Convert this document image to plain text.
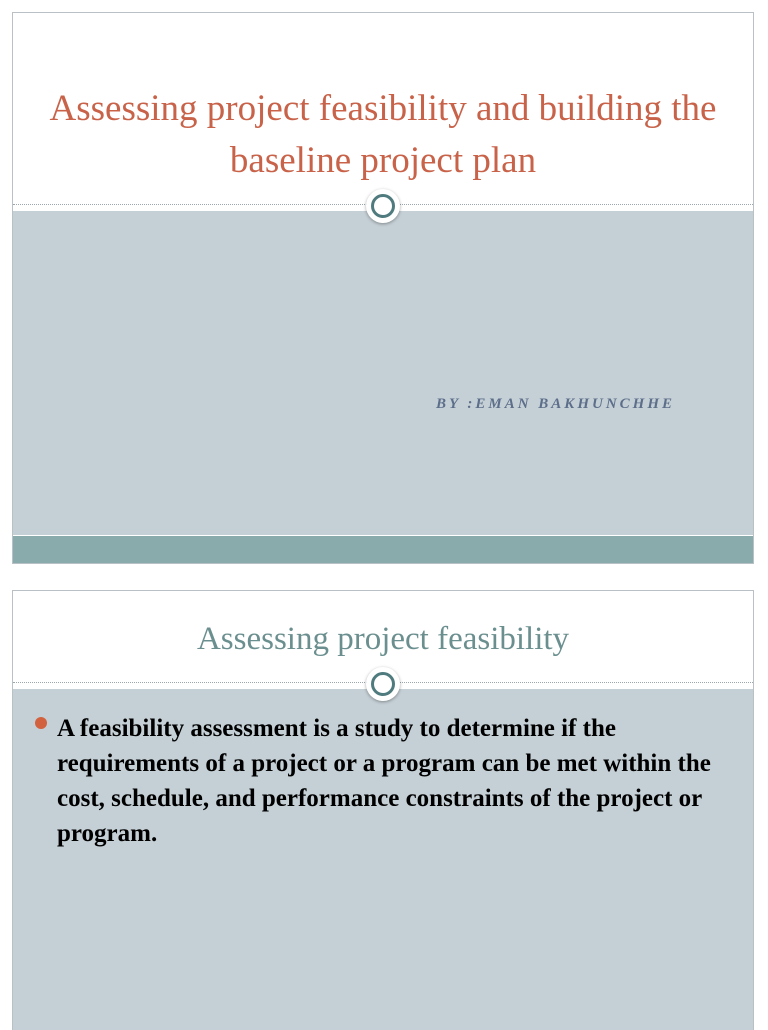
Assessing project feasibility and building the baseline project plan
BY :EMAN BAKHUNCHHE
Assessing project feasibility
A feasibility assessment is a study to determine if the requirements of a project or a program can be met within the cost, schedule, and performance constraints of the project or program.
